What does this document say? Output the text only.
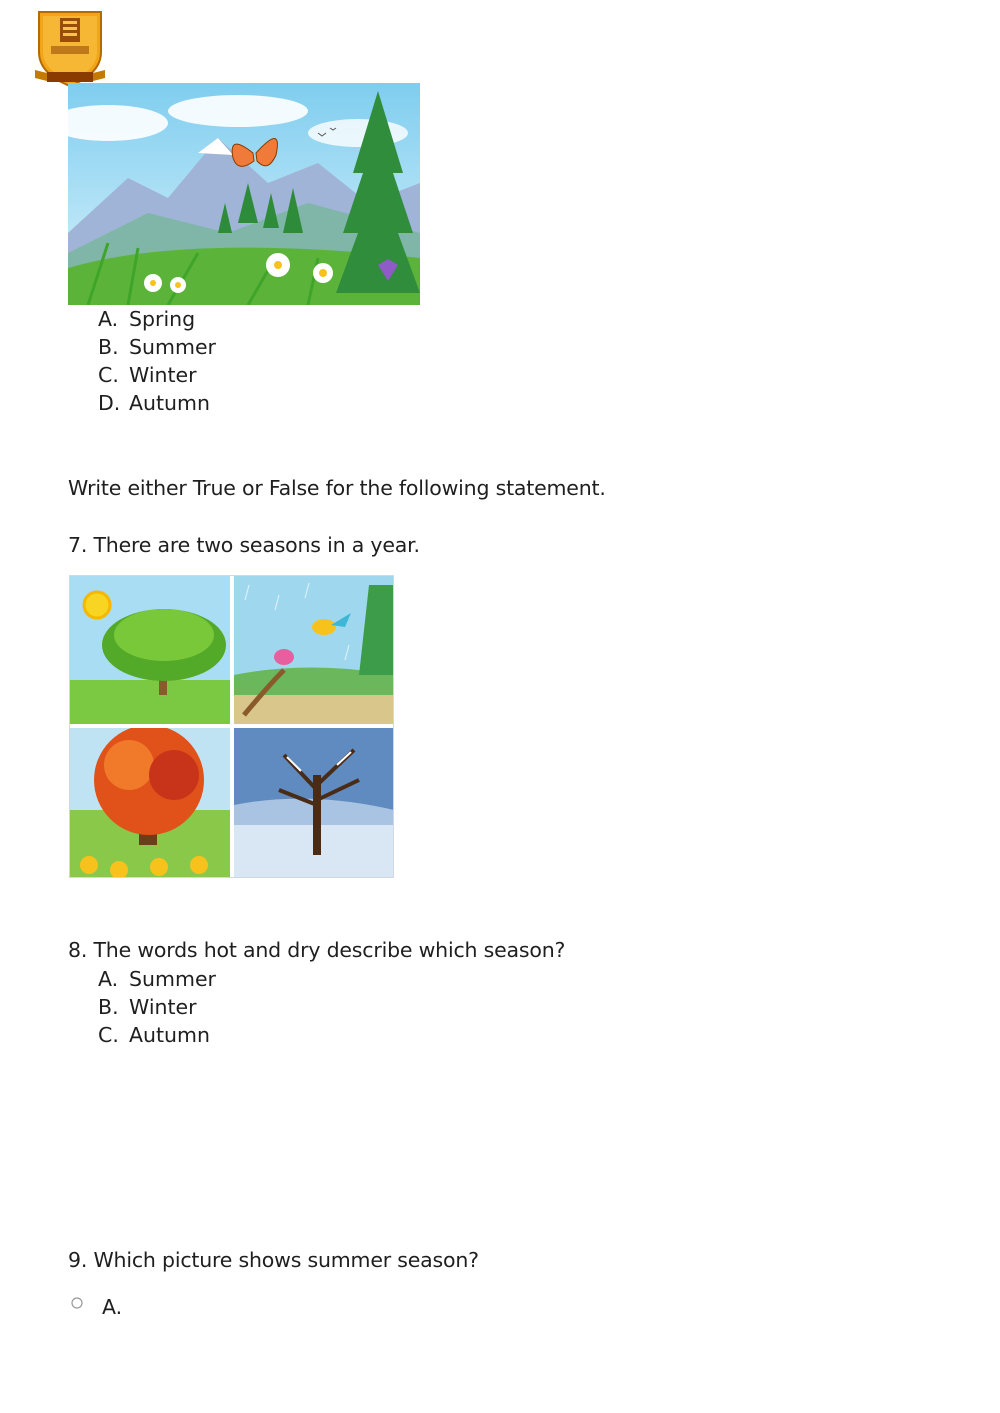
A. Spring
B. Summer
C. Winter
D. Autumn
Write either True or False for the following statement.
7. There are two seasons in a year.
8. The words hot and dry describe which season?
A. Summer
B. Winter
C. Autumn
9. Which picture shows summer season?
A.
